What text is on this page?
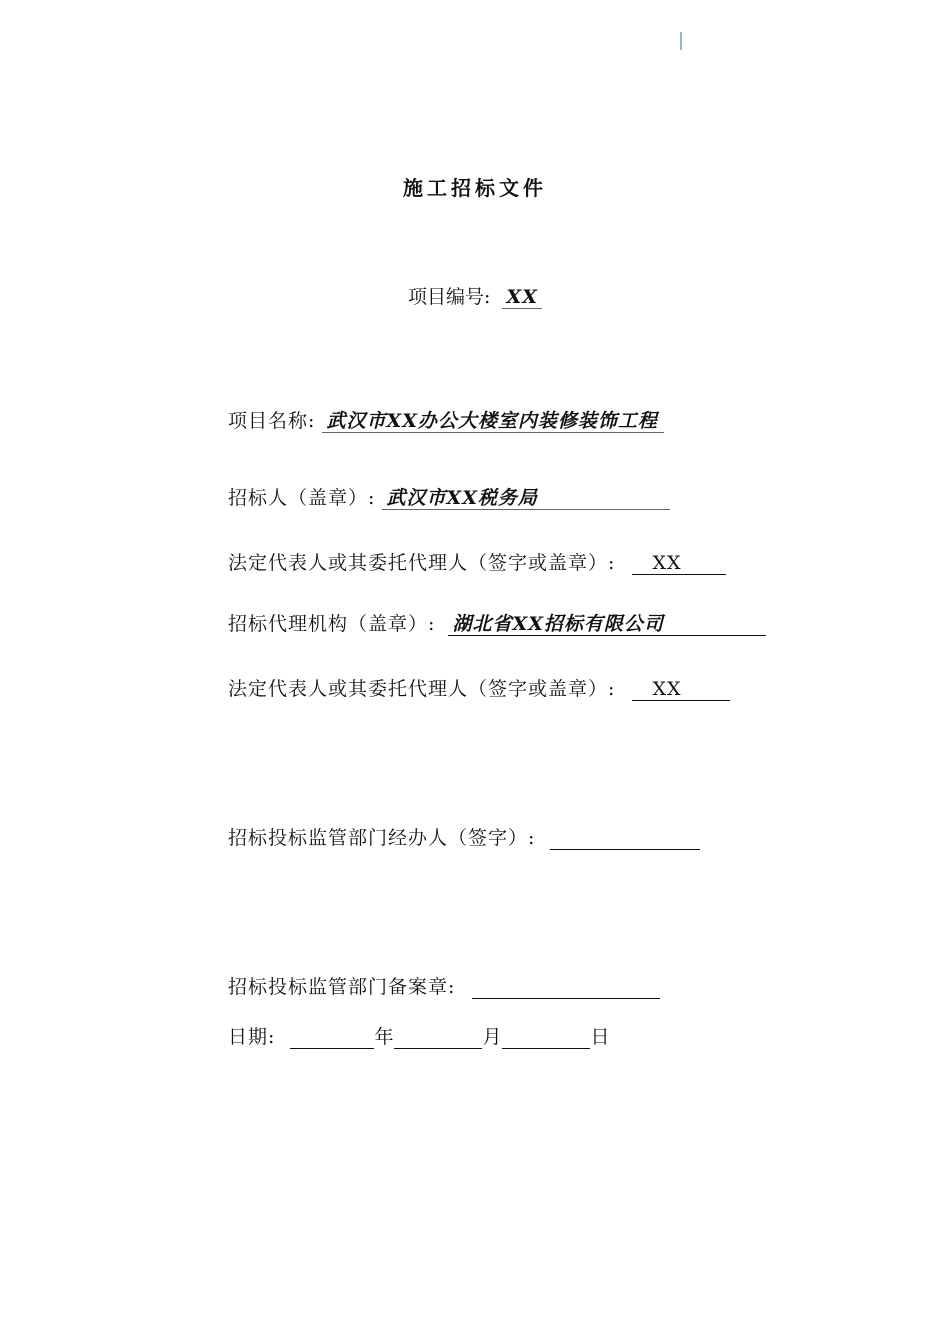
施工招标文件
项目编号: XX
项目名称: 武汉市XX办公大楼室内装修装饰工程
招标人（盖章）: 武汉市XX税务局
法定代表人或其委托代理人（签字或盖章）: XX
招标代理机构（盖章）: 湖北省XX招标有限公司
法定代表人或其委托代理人（签字或盖章）: XX
招标投标监管部门经办人（签字）:
招标投标监管部门备案章:
日期:	年	月	日
